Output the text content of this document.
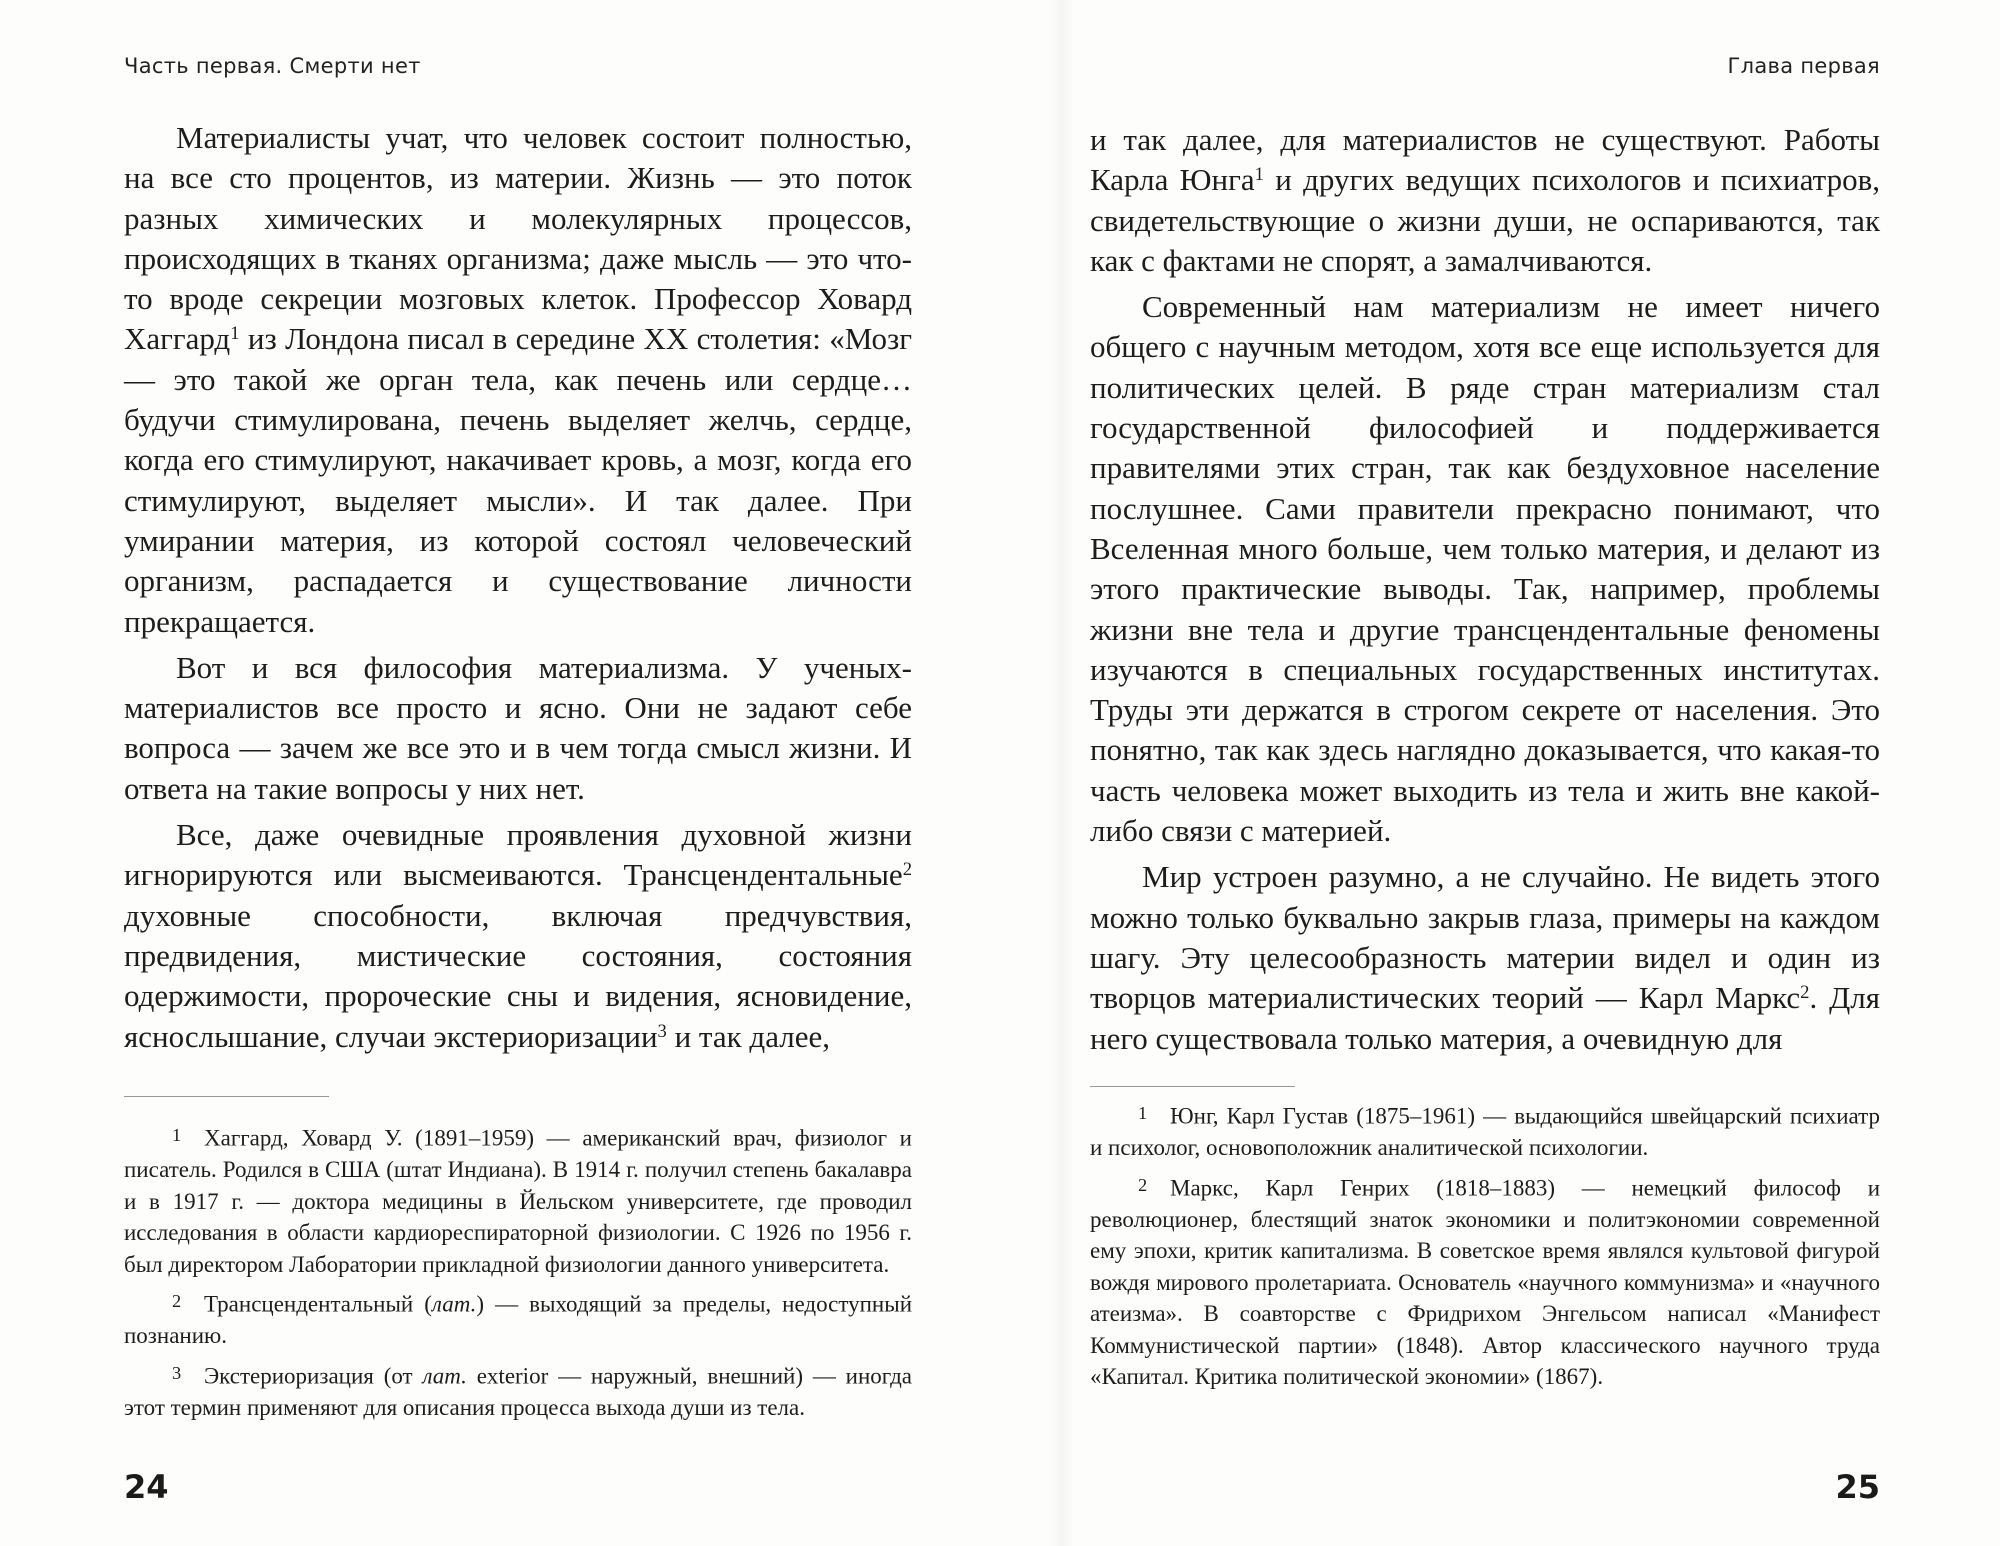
Часть первая. Смерти нет

Материалисты учат, что человек состоит полностью, на все сто процентов, из материи. Жизнь — это поток разных химических и молекулярных процессов, происходящих в тканях организма; даже мысль — это что-то вроде секреции мозговых клеток. Профессор Ховард Хаггард$^1$ из Лондона писал в середине XX столетия: «Мозг — это такой же орган тела, как печень или сердце… будучи стимулирована, печень выделяет желчь, сердце, когда его стимулируют, накачивает кровь, а мозг, когда его стимулируют, выделяет мысли». И так далее. При умирании материя, из которой состоял человеческий организм, распадается и существование личности прекращается.

Вот и вся философия материализма. У ученых-материалистов все просто и ясно. Они не задают себе вопроса — зачем же все это и в чем тогда смысл жизни. И ответа на такие вопросы у них нет.

Все, даже очевидные проявления духовной жизни игнорируются или высмеиваются. Трансцендентальные$^2$ духовные способности, включая предчувствия, предвидения, мистические состояния, состояния одержимости, пророческие сны и видения, ясновидение, яснослышание, случаи экстериоризации$^3$ и так далее,

1 Хаггард, Ховард У. (1891–1959) — американский врач, физиолог и писатель. Родился в США (штат Индиана). В 1914 г. получил степень бакалавра и в 1917 г. — доктора медицины в Йельском университете, где проводил исследования в области кардиореспираторной физиологии. С 1926 по 1956 г. был директором Лаборатории прикладной физиологии данного университета.

2 Трансцендентальный (лат.) — выходящий за пределы, недоступный познанию.

3 Экстериоризация (от лат. exterior — наружный, внешний) — иногда этот термин применяют для описания процесса выхода души из тела.

24
Глава первая

и так далее, для материалистов не существуют. Работы Карла Юнга$^1$ и других ведущих психологов и психиатров, свидетельствующие о жизни души, не оспариваются, так как с фактами не спорят, а замалчиваются.

Современный нам материализм не имеет ничего общего с научным методом, хотя все еще используется для политических целей. В ряде стран материализм стал государственной философией и поддерживается правителями этих стран, так как бездуховное население послушнее. Сами правители прекрасно понимают, что Вселенная много больше, чем только материя, и делают из этого практические выводы. Так, например, проблемы жизни вне тела и другие трансцендентальные феномены изучаются в специальных государственных институтах. Труды эти держатся в строгом секрете от населения. Это понятно, так как здесь наглядно доказывается, что какая-то часть человека может выходить из тела и жить вне какой-либо связи с материей.

Мир устроен разумно, а не случайно. Не видеть этого можно только буквально закрыв глаза, примеры на каждом шагу. Эту целесообразность материи видел и один из творцов материалистических теорий — Карл Маркс$^2$. Для него существовала только материя, а очевидную для

1 Юнг, Карл Густав (1875–1961) — выдающийся швейцарский психиатр и психолог, основоположник аналитической психологии.

2 Маркс, Карл Генрих (1818–1883) — немецкий философ и революционер, блестящий знаток экономики и политэкономии современной ему эпохи, критик капитализма. В советское время являлся культовой фигурой вождя мирового пролетариата. Основатель «научного коммунизма» и «научного атеизма». В соавторстве с Фридрихом Энгельсом написал «Манифест Коммунистической партии» (1848). Автор классического научного труда «Капитал. Критика политической экономии» (1867).

25
